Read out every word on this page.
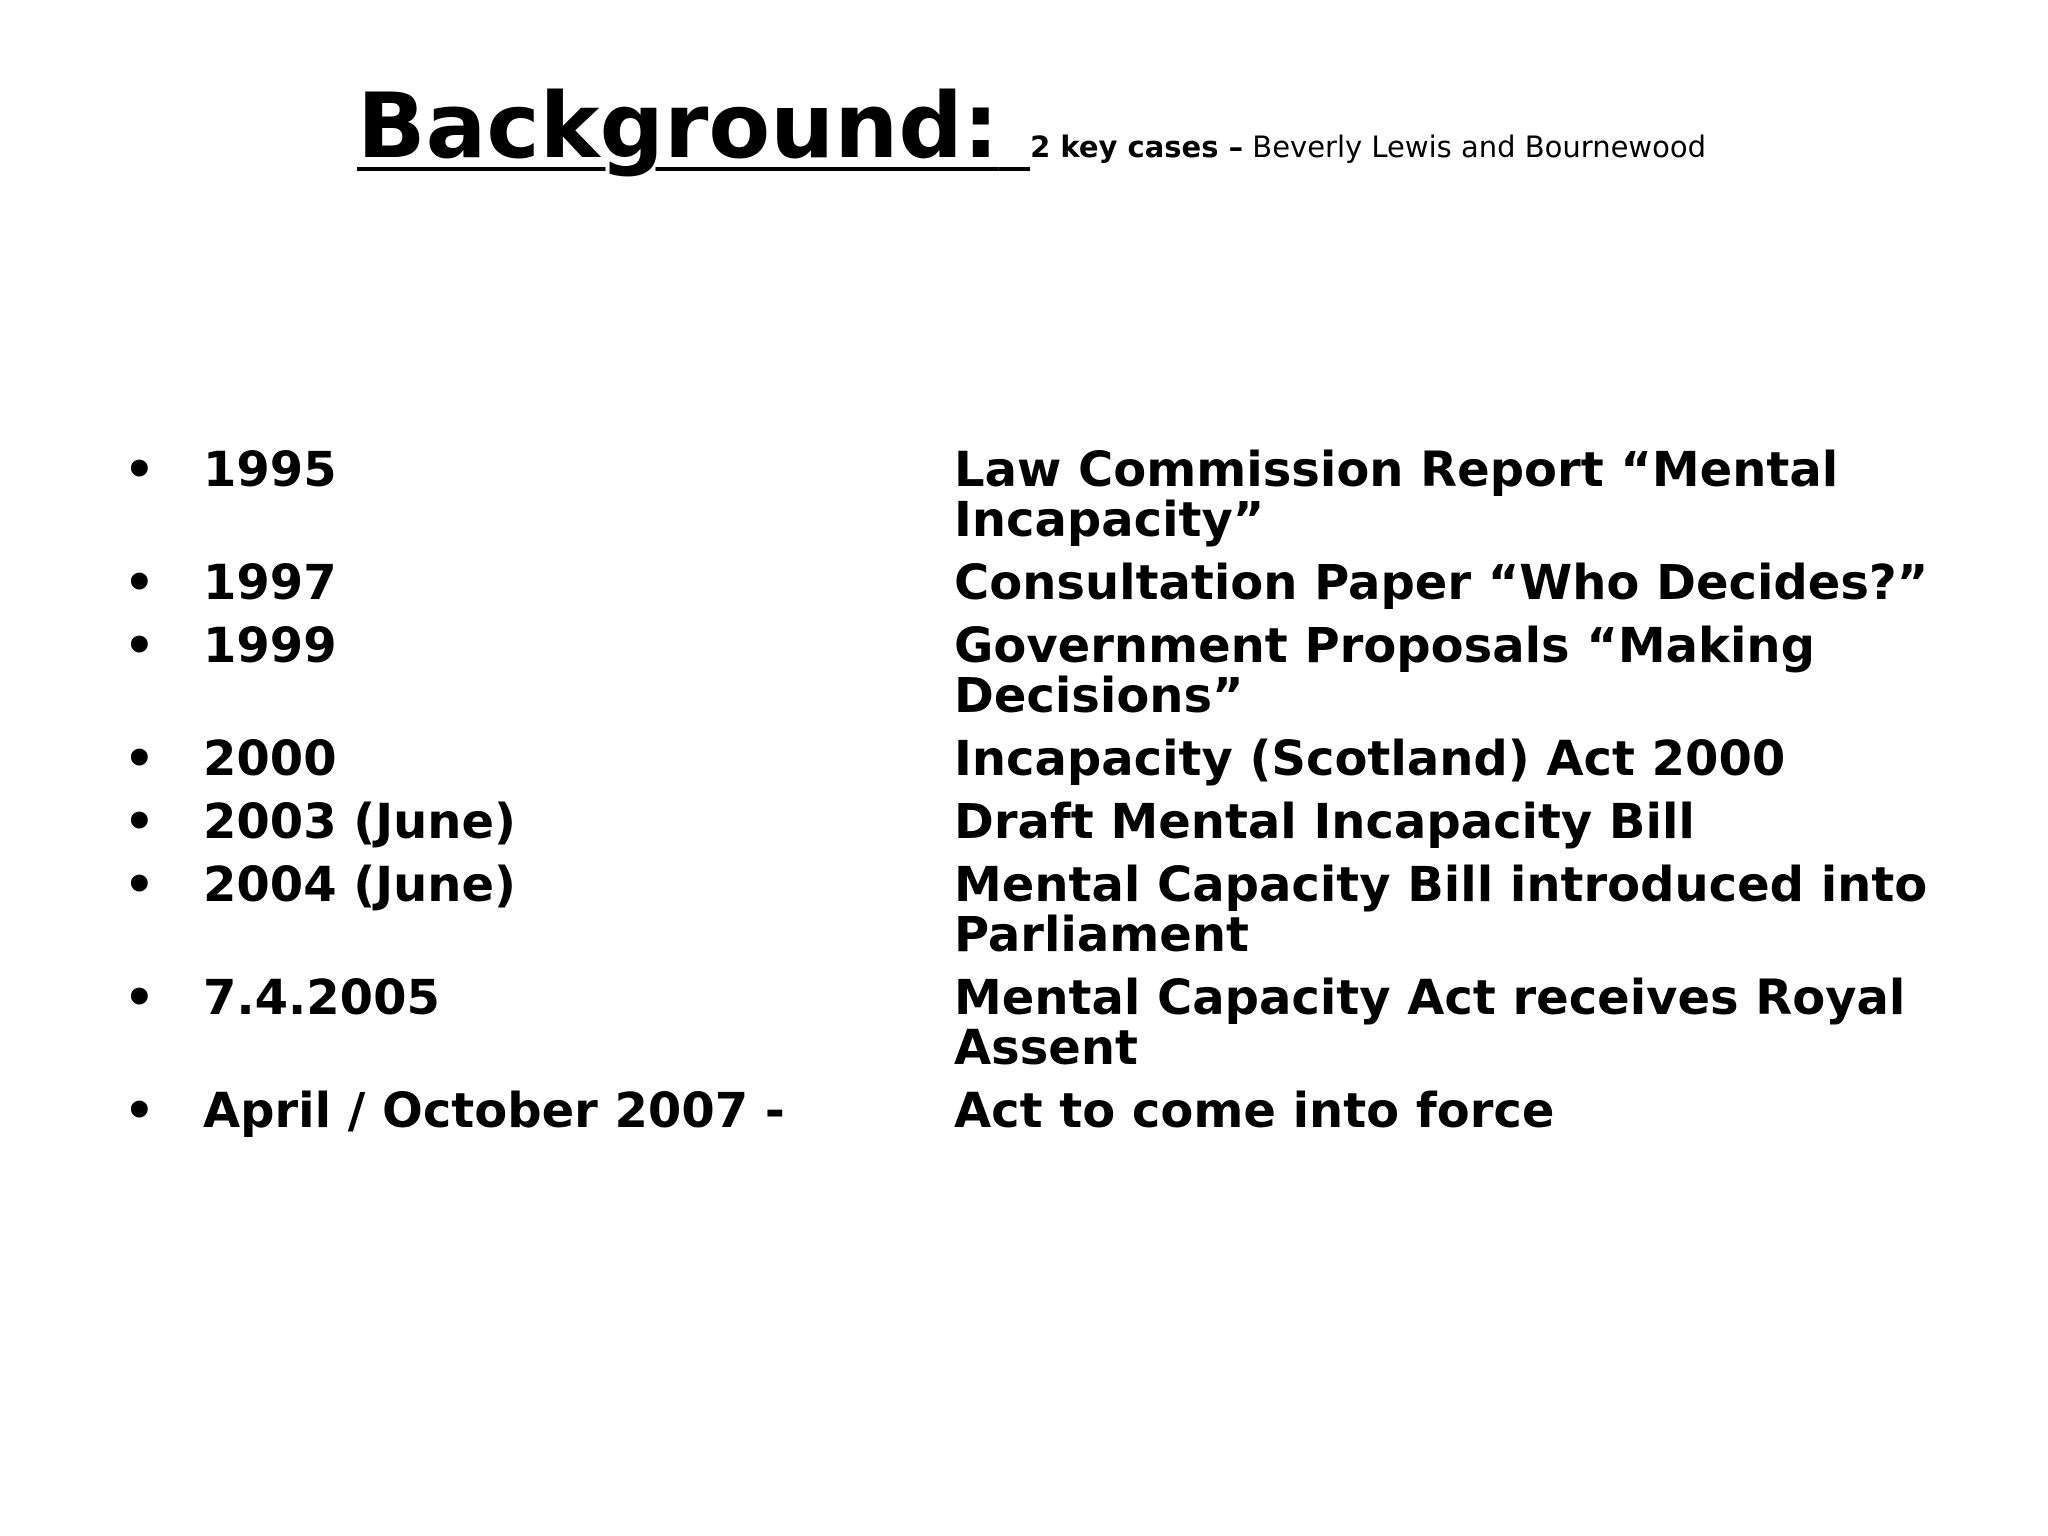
Background: 2 key cases – Beverly Lewis and Bournewood
• 1995	Law Commission Report “Mental Incapacity”
• 1997	Consultation Paper “Who Decides?”
• 1999	Government Proposals “Making Decisions”
• 2000	Incapacity (Scotland) Act 2000
• 2003 (June)	Draft Mental Incapacity Bill
• 2004 (June)	Mental Capacity Bill introduced into Parliament
• 7.4.2005	Mental Capacity Act receives Royal Assent
• April / October 2007 -	Act to come into force
